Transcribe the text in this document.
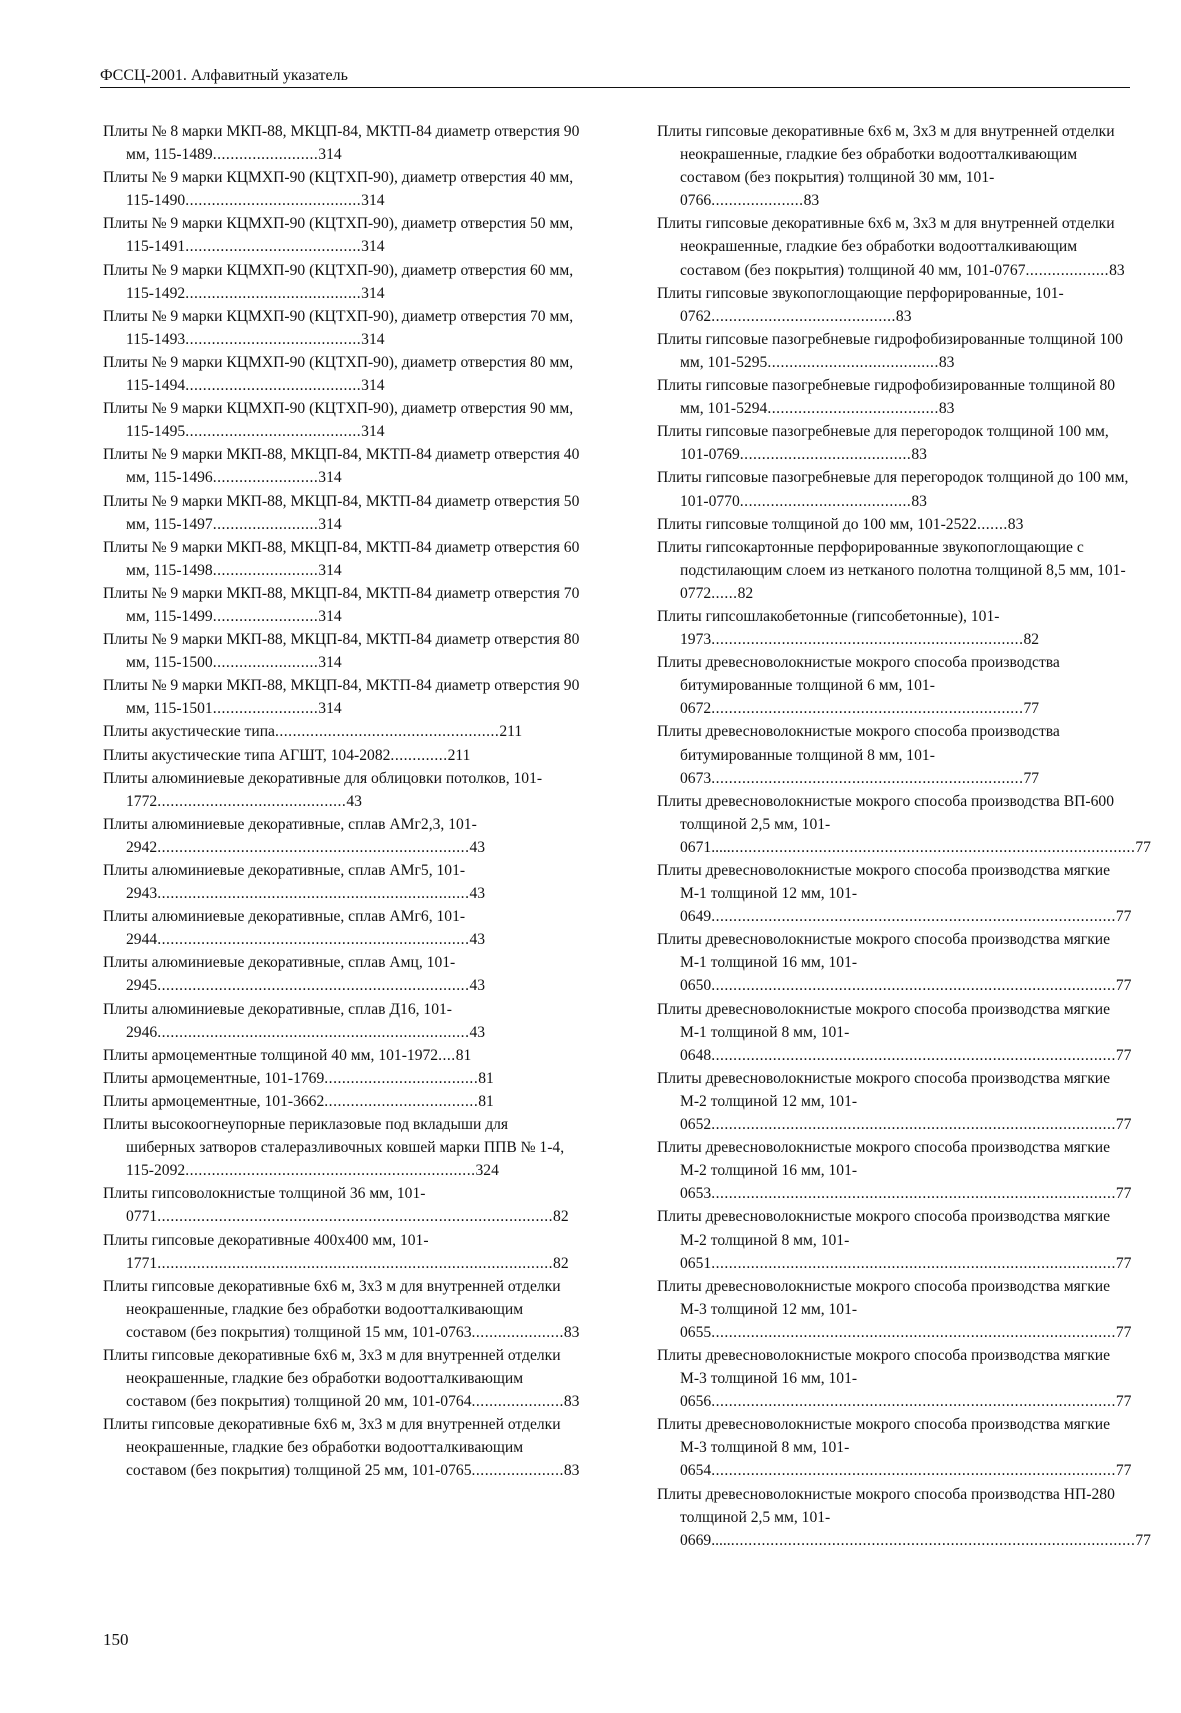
ФССЦ-2001. Алфавитный указатель
Плиты № 8 марки МКП-88, МКЦП-84, МКТП-84 диаметр отверстия 90 мм, 115-1489........................314
Плиты № 9 марки КЦМХП-90 (КЦТХП-90), диаметр отверстия 40 мм, 115-1490........................................314
Плиты № 9 марки КЦМХП-90 (КЦТХП-90), диаметр отверстия 50 мм, 115-1491........................................314
Плиты № 9 марки КЦМХП-90 (КЦТХП-90), диаметр отверстия 60 мм, 115-1492........................................314
Плиты № 9 марки КЦМХП-90 (КЦТХП-90), диаметр отверстия 70 мм, 115-1493........................................314
Плиты № 9 марки КЦМХП-90 (КЦТХП-90), диаметр отверстия 80 мм, 115-1494........................................314
Плиты № 9 марки КЦМХП-90 (КЦТХП-90), диаметр отверстия 90 мм, 115-1495........................................314
Плиты № 9 марки МКП-88, МКЦП-84, МКТП-84 диаметр отверстия 40 мм, 115-1496........................314
Плиты № 9 марки МКП-88, МКЦП-84, МКТП-84 диаметр отверстия 50 мм, 115-1497........................314
Плиты № 9 марки МКП-88, МКЦП-84, МКТП-84 диаметр отверстия 60 мм, 115-1498........................314
Плиты № 9 марки МКП-88, МКЦП-84, МКТП-84 диаметр отверстия 70 мм, 115-1499........................314
Плиты № 9 марки МКП-88, МКЦП-84, МКТП-84 диаметр отверстия 80 мм, 115-1500........................314
Плиты № 9 марки МКП-88, МКЦП-84, МКТП-84 диаметр отверстия 90 мм, 115-1501........................314
Плиты акустические типа...................................................211
Плиты акустические типа АГШТ, 104-2082.............211
Плиты алюминиевые декоративные для облицовки потолков, 101-1772...........................................43
Плиты алюминиевые декоративные, сплав АМг2,3, 101-2942.......................................................................43
Плиты алюминиевые декоративные, сплав АМг5, 101-2943.......................................................................43
Плиты алюминиевые декоративные, сплав АМг6, 101-2944.......................................................................43
Плиты алюминиевые декоративные, сплав Амц, 101-2945.......................................................................43
Плиты алюминиевые декоративные, сплав Д16, 101-2946.......................................................................43
Плиты армоцементные толщиной 40 мм, 101-1972....81
Плиты армоцементные, 101-1769...................................81
Плиты армоцементные, 101-3662...................................81
Плиты высокоогнеупорные периклазовые под вкладыши для шиберных затворов сталеразливочных ковшей марки ППВ № 1-4, 115-2092..................................................................324
Плиты гипсоволокнистые толщиной 36 мм, 101-0771..........................................................................................82
Плиты гипсовые декоративные 400х400 мм, 101-1771..........................................................................................82
Плиты гипсовые декоративные 6х6 м, 3х3 м для внутренней отделки неокрашенные, гладкие без обработки водоотталкивающим составом (без покрытия) толщиной 15 мм, 101-0763.....................83
Плиты гипсовые декоративные 6х6 м, 3х3 м для внутренней отделки неокрашенные, гладкие без обработки водоотталкивающим составом (без покрытия) толщиной 20 мм, 101-0764.....................83
Плиты гипсовые декоративные 6х6 м, 3х3 м для внутренней отделки неокрашенные, гладкие без обработки водоотталкивающим составом (без покрытия) толщиной 25 мм, 101-0765.....................83
Плиты гипсовые декоративные 6х6 м, 3х3 м для внутренней отделки неокрашенные, гладкие без обработки водоотталкивающим составом (без покрытия) толщиной 30 мм, 101-0766.....................83
Плиты гипсовые декоративные 6х6 м, 3х3 м для внутренней отделки неокрашенные, гладкие без обработки водоотталкивающим составом (без покрытия) толщиной 40 мм, 101-0767...................83
Плиты гипсовые звукопоглощающие перфорированные, 101-0762..........................................83
Плиты гипсовые пазогребневые гидрофобизированные толщиной 100 мм, 101-5295.......................................83
Плиты гипсовые пазогребневые гидрофобизированные толщиной 80 мм, 101-5294.......................................83
Плиты гипсовые пазогребневые для перегородок толщиной 100 мм, 101-0769.......................................83
Плиты гипсовые пазогребневые для перегородок толщиной до 100 мм, 101-0770.......................................83
Плиты гипсовые толщиной до 100 мм, 101-2522.......83
Плиты гипсокартонные перфорированные звукопоглощающие с подстилающим слоем из нетканого полотна толщиной 8,5 мм, 101-0772......82
Плиты гипсошлакобетонные (гипсобетонные), 101-1973.......................................................................82
Плиты древесноволокнистые мокрого способа производства битумированные толщиной 6 мм, 101-0672.......................................................................77
Плиты древесноволокнистые мокрого способа производства битумированные толщиной 8 мм, 101-0673.......................................................................77
Плиты древесноволокнистые мокрого способа производства ВП-600 толщиной 2,5 мм, 101-0671.................................................................................................77
Плиты древесноволокнистые мокрого способа производства мягкие М-1 толщиной 12 мм, 101-0649............................................................................................77
Плиты древесноволокнистые мокрого способа производства мягкие М-1 толщиной 16 мм, 101-0650............................................................................................77
Плиты древесноволокнистые мокрого способа производства мягкие М-1 толщиной 8 мм, 101-0648............................................................................................77
Плиты древесноволокнистые мокрого способа производства мягкие М-2 толщиной 12 мм, 101-0652............................................................................................77
Плиты древесноволокнистые мокрого способа производства мягкие М-2 толщиной 16 мм, 101-0653............................................................................................77
Плиты древесноволокнистые мокрого способа производства мягкие М-2 толщиной 8 мм, 101-0651............................................................................................77
Плиты древесноволокнистые мокрого способа производства мягкие М-3 толщиной 12 мм, 101-0655............................................................................................77
Плиты древесноволокнистые мокрого способа производства мягкие М-3 толщиной 16 мм, 101-0656............................................................................................77
Плиты древесноволокнистые мокрого способа производства мягкие М-3 толщиной 8 мм, 101-0654............................................................................................77
Плиты древесноволокнистые мокрого способа производства НП-280 толщиной 2,5 мм, 101-0669.................................................................................................77
150
